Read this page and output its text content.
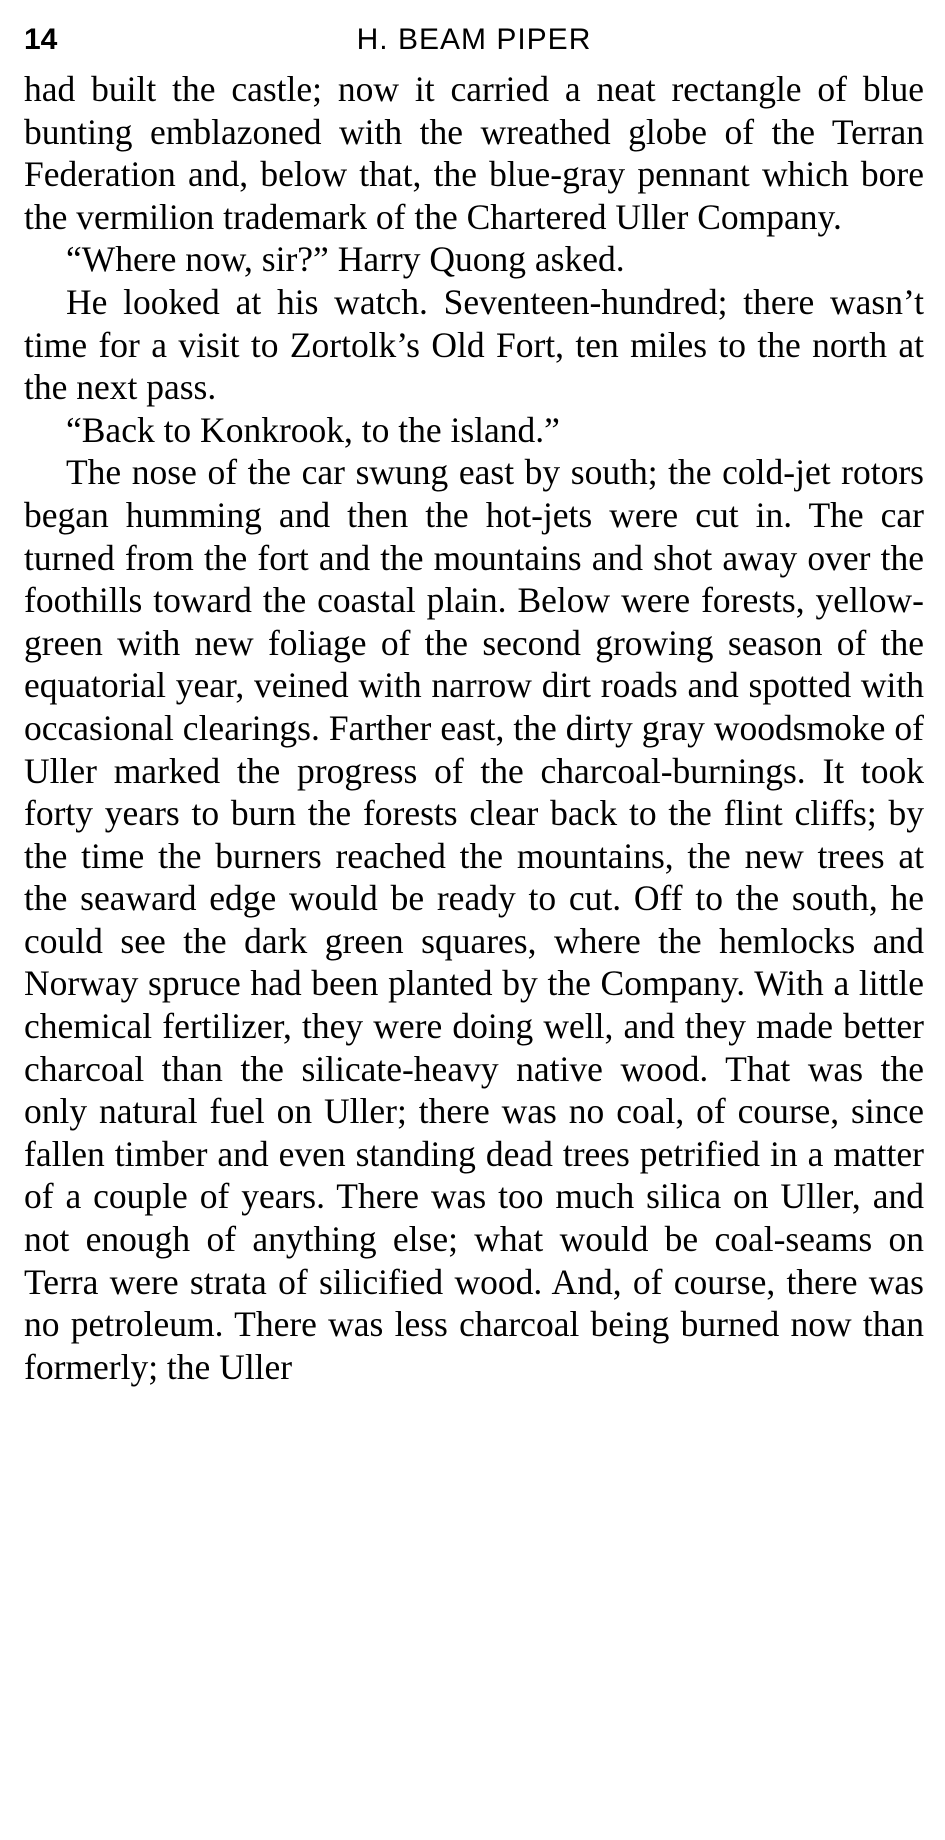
14	H. BEAM PIPER

had built the castle; now it carried a neat rectangle of blue bunting emblazoned with the wreathed globe of the Terran Federation and, below that, the blue-gray pennant which bore the vermilion trademark of the Chartered Uller Company.

“Where now, sir?” Harry Quong asked.

He looked at his watch. Seventeen-hundred; there wasn’t time for a visit to Zortolk’s Old Fort, ten miles to the north at the next pass.

“Back to Konkrook, to the island.”

The nose of the car swung east by south; the cold-jet rotors began humming and then the hot-jets were cut in. The car turned from the fort and the mountains and shot away over the foothills toward the coastal plain. Below were forests, yellow-green with new foliage of the second growing season of the equatorial year, veined with narrow dirt roads and spotted with occasional clearings. Farther east, the dirty gray woodsmoke of Uller marked the progress of the charcoal-burnings. It took forty years to burn the forests clear back to the flint cliffs; by the time the burners reached the mountains, the new trees at the seaward edge would be ready to cut. Off to the south, he could see the dark green squares, where the hemlocks and Norway spruce had been planted by the Company. With a little chemical fertilizer, they were doing well, and they made better charcoal than the silicate-heavy native wood. That was the only natural fuel on Uller; there was no coal, of course, since fallen timber and even standing dead trees petrified in a matter of a couple of years. There was too much silica on Uller, and not enough of anything else; what would be coal-seams on Terra were strata of silicified wood. And, of course, there was no petroleum. There was less charcoal being burned now than formerly; the Uller
